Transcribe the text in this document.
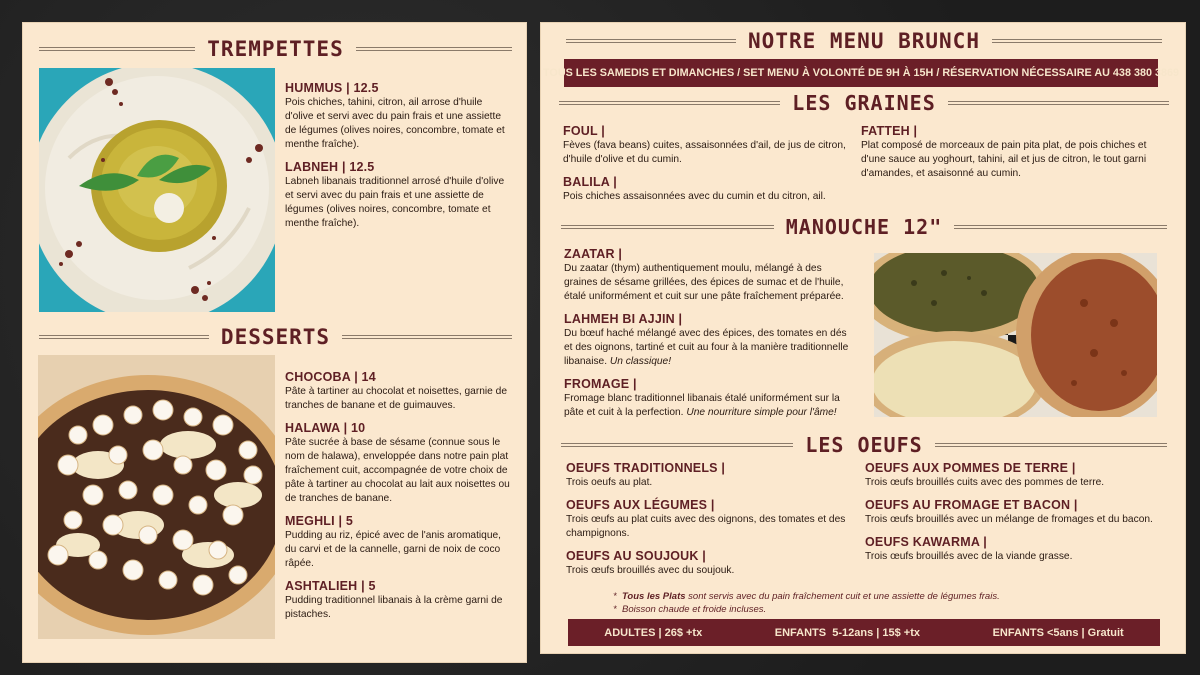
TREMPETTES
HUMMUS | 12.5
Pois chiches, tahini, citron, ail arrose d'huile d'olive et servi avec du pain frais et une assiette de légumes (olives noires, concombre, tomate et menthe fraîche).
LABNEH | 12.5
Labneh libanais traditionnel arrosé d'huile d'olive et servi avec du pain frais et une assiette de légumes (olives noires, concombre, tomate et menthe fraîche).
DESSERTS
CHOCOBA | 14
Pâte à tartiner au chocolat et noisettes, garnie de tranches de banane et de guimauves.
HALAWA | 10
Pâte sucrée à base de sésame (connue sous le nom de halawa), enveloppée dans notre pain plat fraîchement cuit, accompagnée de votre choix de pâte à tartiner au chocolat au lait aux noisettes ou de tranches de banane.
MEGHLI | 5
Pudding au riz, épicé avec de l'anis aromatique, du carvi et de la cannelle, garni de noix de coco râpée.
ASHTALIEH | 5
Pudding traditionnel libanais à la crème garni de pistaches.
NOTRE MENU BRUNCH
TOUS LES SAMEDIS ET DIMANCHES / SET MENU À VOLONTÉ DE 9H À 15H / RÉSERVATION NÉCESSAIRE AU 438 380 3869
LES GRAINES
FOUL |
Fèves (fava beans) cuites, assaisonnées d'ail, de jus de citron, d'huile d'olive et du cumin.
BALILA |
Pois chiches assaisonnées avec du cumin et du citron, ail.
FATTEH |
Plat composé de morceaux de pain pita plat, de pois chiches et d'une sauce au yoghourt, tahini, ail et jus de citron, le tout garni d'amandes, et asaisonné au cumin.
MANOUCHE 12"
ZAATAR |
Du zaatar (thym) authentiquement moulu, mélangé à des graines de sésame grillées, des épices de sumac et de l'huile, étalé uniformément et cuit sur une pâte fraîchement préparée.
LAHMEH BI AJJIN |
Du bœuf haché mélangé avec des épices, des tomates en dés et des oignons, tartiné et cuit au four à la manière traditionnelle libanaise. Un classique!
FROMAGE |
Fromage blanc traditionnel libanais étalé uniformément sur la pâte et cuit à la perfection. Une nourriture simple pour l'âme!
LES OEUFS
OEUFS TRADITIONNELS |
Trois oeufs au plat.
OEUFS AUX LÉGUMES |
Trois œufs au plat cuits avec des oignons, des tomates et des champignons.
OEUFS AU SOUJOUK |
Trois œufs brouillés avec du soujouk.
OEUFS AUX POMMES DE TERRE |
Trois œufs brouillés cuits avec des pommes de terre.
OEUFS AU FROMAGE ET BACON |
Trois œufs brouillés avec un mélange de fromages et du bacon.
OEUFS KAWARMA |
Trois œufs brouillés avec de la viande grasse.
*  Tous les Plats sont servis avec du pain fraîchement cuit et une assiette de légumes frais.
*  Boisson chaude et froide incluses.
ADULTES | 26$ +tx	ENFANTS  5-12ans | 15$ +tx	ENFANTS <5ans | Gratuit
